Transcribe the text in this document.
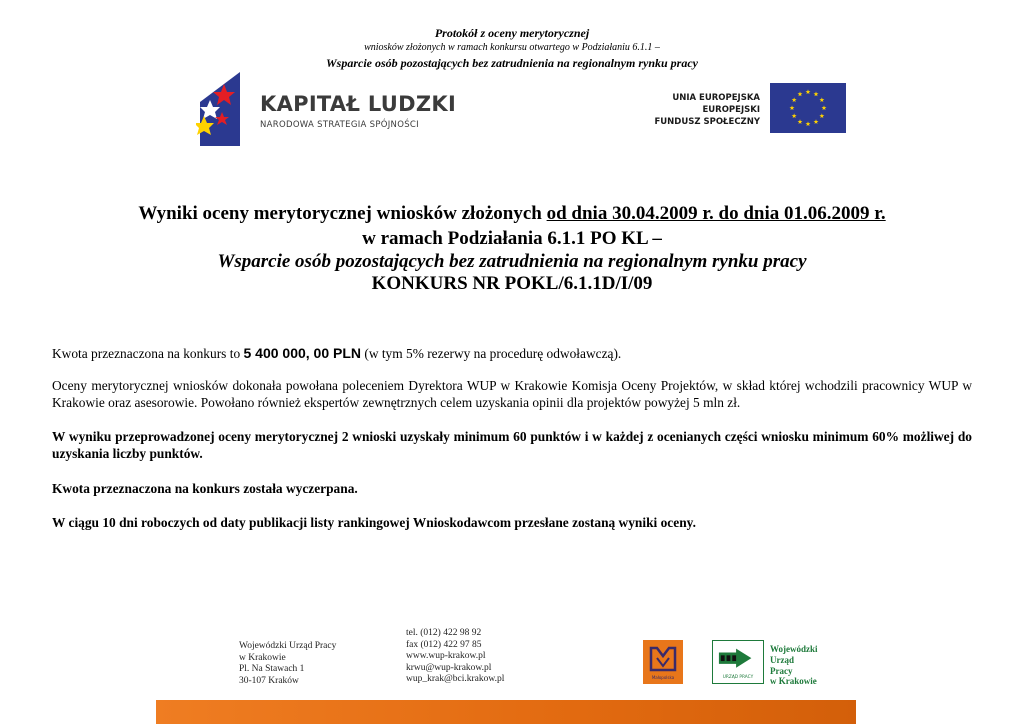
Protokół z oceny merytorycznej
wniosków złożonych w ramach konkursu otwartego w Podziałaniu 6.1.1 –
Wsparcie osób pozostających bez zatrudnienia na regionalnym rynku pracy
KAPITAŁ LUDZKI
NARODOWA STRATEGIA SPÓJNOŚCI
UNIA EUROPEJSKA
EUROPEJSKI
FUNDUSZ SPOŁECZNY
Wyniki oceny merytorycznej wniosków złożonych od dnia 30.04.2009 r. do dnia 01.06.2009 r.
w ramach Podziałania 6.1.1 PO KL –
Wsparcie osób pozostających bez zatrudnienia na regionalnym rynku pracy
KONKURS NR POKL/6.1.1D/I/09
Kwota przeznaczona na konkurs to 5 400 000, 00 PLN (w tym 5% rezerwy na procedurę odwoławczą).
Oceny merytorycznej wniosków dokonała powołana poleceniem Dyrektora WUP w Krakowie Komisja Oceny Projektów, w skład której wchodzili pracownicy WUP w Krakowie oraz asesorowie. Powołano również ekspertów zewnętrznych celem uzyskania opinii dla projektów powyżej 5 mln zł.
W wyniku przeprowadzonej oceny merytorycznej 2 wnioski uzyskały minimum 60 punktów i w każdej z ocenianych części wniosku minimum 60% możliwej do uzyskania liczby punktów.
Kwota przeznaczona na konkurs została wyczerpana.
W ciągu 10 dni roboczych od daty publikacji listy rankingowej Wnioskodawcom przesłane zostaną wyniki oceny.
Wojewódzki Urząd Pracy
w Krakowie
Pl. Na Stawach 1
30-107 Kraków
tel. (012) 422 98 92
fax (012) 422 97 85
www.wup-krakow.pl
krwu@wup-krakow.pl
wup_krak@bci.krakow.pl	Małopolska	URZĄD PRACY
Wojewódzki
Urząd
Pracy
w Krakowie
